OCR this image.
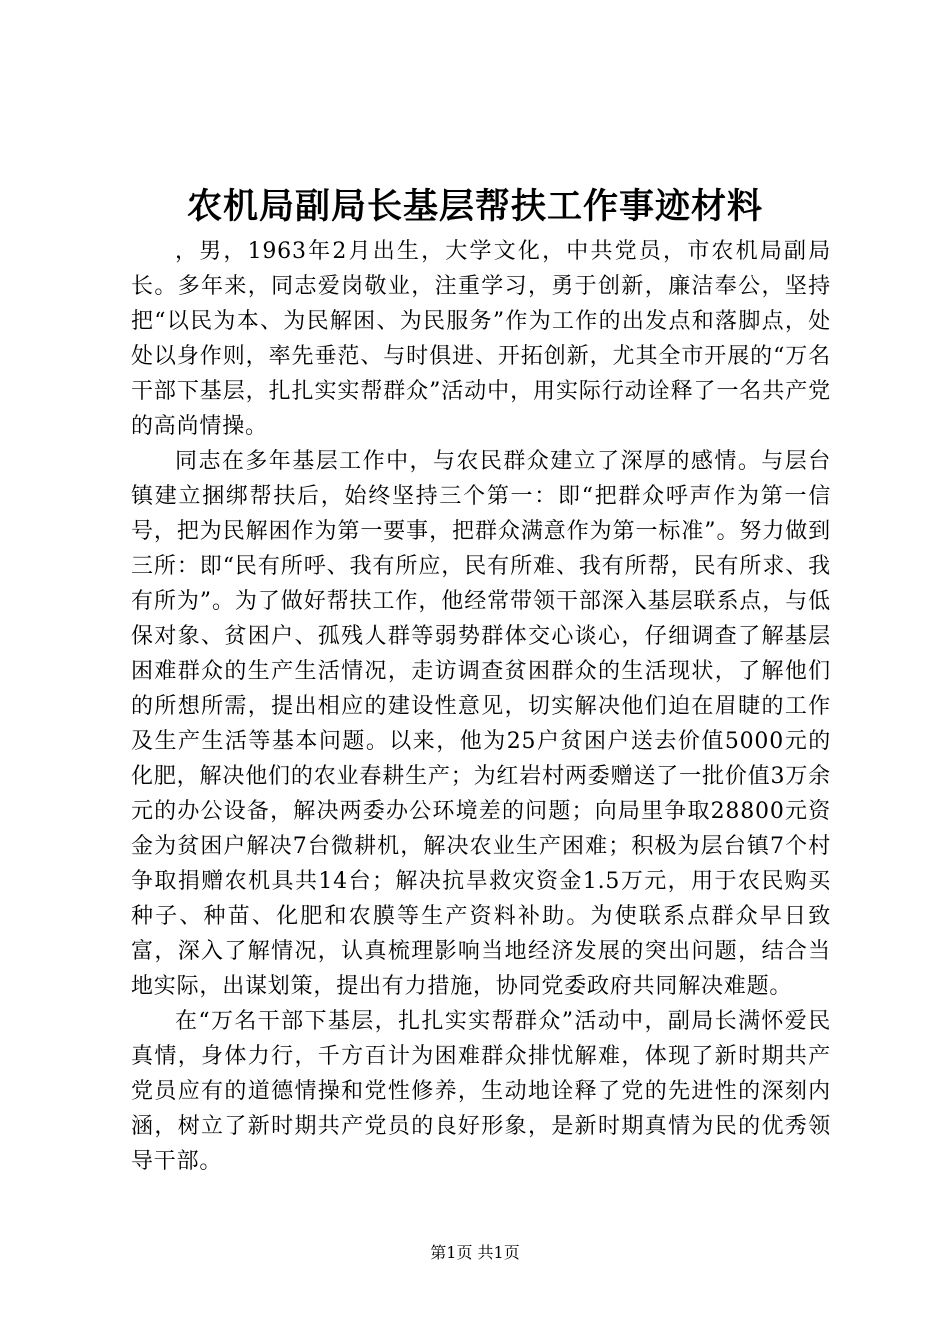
农机局副局长基层帮扶工作事迹材料

，男，1963年2月出生，大学文化，中共党员，市农机局副局长。多年来，同志爱岗敬业，注重学习，勇于创新，廉洁奉公，坚持把“以民为本、为民解困、为民服务”作为工作的出发点和落脚点，处处以身作则，率先垂范、与时俱进、开拓创新，尤其全市开展的“万名干部下基层，扎扎实实帮群众”活动中，用实际行动诠释了一名共产党的高尚情操。

同志在多年基层工作中，与农民群众建立了深厚的感情。与层台镇建立捆绑帮扶后，始终坚持三个第一：即“把群众呼声作为第一信号，把为民解困作为第一要事，把群众满意作为第一标准”。努力做到三所：即“民有所呼、我有所应，民有所难、我有所帮，民有所求、我有所为”。为了做好帮扶工作，他经常带领干部深入基层联系点，与低保对象、贫困户、孤残人群等弱势群体交心谈心，仔细调查了解基层困难群众的生产生活情况，走访调查贫困群众的生活现状，了解他们的所想所需，提出相应的建设性意见，切实解决他们迫在眉睫的工作及生产生活等基本问题。以来，他为25户贫困户送去价值5000元的化肥，解决他们的农业春耕生产；为红岩村两委赠送了一批价值3万余元的办公设备，解决两委办公环境差的问题；向局里争取28800元资金为贫困户解决7台微耕机，解决农业生产困难；积极为层台镇7个村争取捐赠农机具共14台；解决抗旱救灾资金1.5万元，用于农民购买种子、种苗、化肥和农膜等生产资料补助。为使联系点群众早日致富，深入了解情况，认真梳理影响当地经济发展的突出问题，结合当地实际，出谋划策，提出有力措施，协同党委政府共同解决难题。

在“万名干部下基层，扎扎实实帮群众”活动中，副局长满怀爱民真情，身体力行，千方百计为困难群众排忧解难，体现了新时期共产党员应有的道德情操和党性修养，生动地诠释了党的先进性的深刻内涵，树立了新时期共产党员的良好形象，是新时期真情为民的优秀领导干部。

第1页 共1页
